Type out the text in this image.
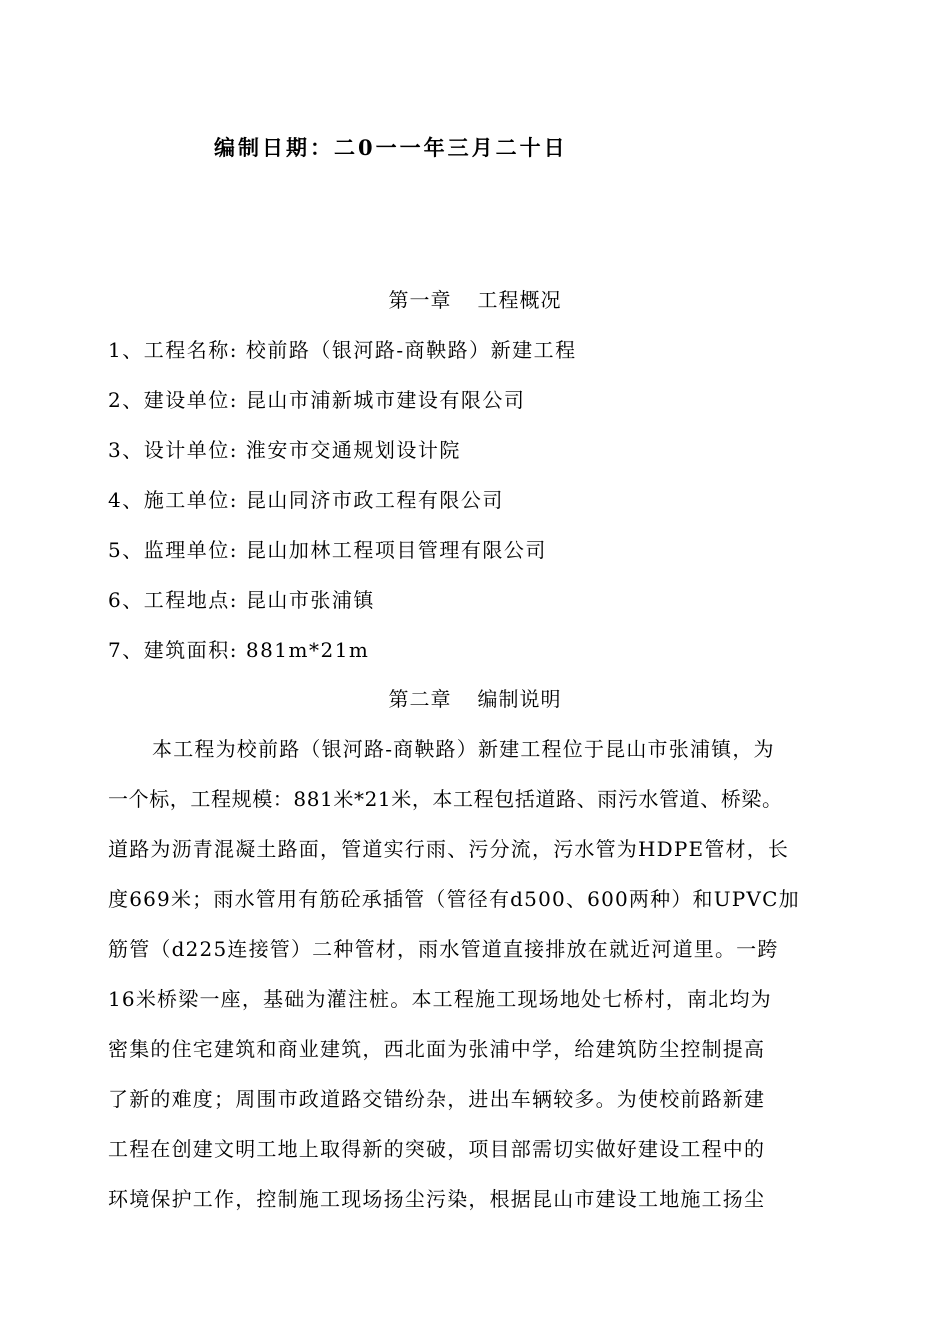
编制日期：二0一一年三月二十日
第一章 工程概况
1、工程名称: 校前路（银河路-商鞅路）新建工程
2、建设单位: 昆山市浦新城市建设有限公司
3、设计单位: 淮安市交通规划设计院
4、施工单位: 昆山同济市政工程有限公司
5、监理单位: 昆山加林工程项目管理有限公司
6、工程地点: 昆山市张浦镇
7、建筑面积: 881m*21m
第二章 编制说明
本工程为校前路（银河路-商鞅路）新建工程位于昆山市张浦镇，为
一个标，工程规模：881米*21米，本工程包括道路、雨污水管道、桥梁。
道路为沥青混凝土路面，管道实行雨、污分流，污水管为HDPE管材，长
度669米；雨水管用有筋砼承插管（管径有d500、600两种）和UPVC加
筋管（d225连接管）二种管材，雨水管道直接排放在就近河道里。一跨
16米桥梁一座，基础为灌注桩。本工程施工现场地处七桥村，南北均为
密集的住宅建筑和商业建筑，西北面为张浦中学，给建筑防尘控制提高
了新的难度；周围市政道路交错纷杂，进出车辆较多。为使校前路新建
工程在创建文明工地上取得新的突破，项目部需切实做好建设工程中的
环境保护工作，控制施工现场扬尘污染，根据昆山市建设工地施工扬尘
